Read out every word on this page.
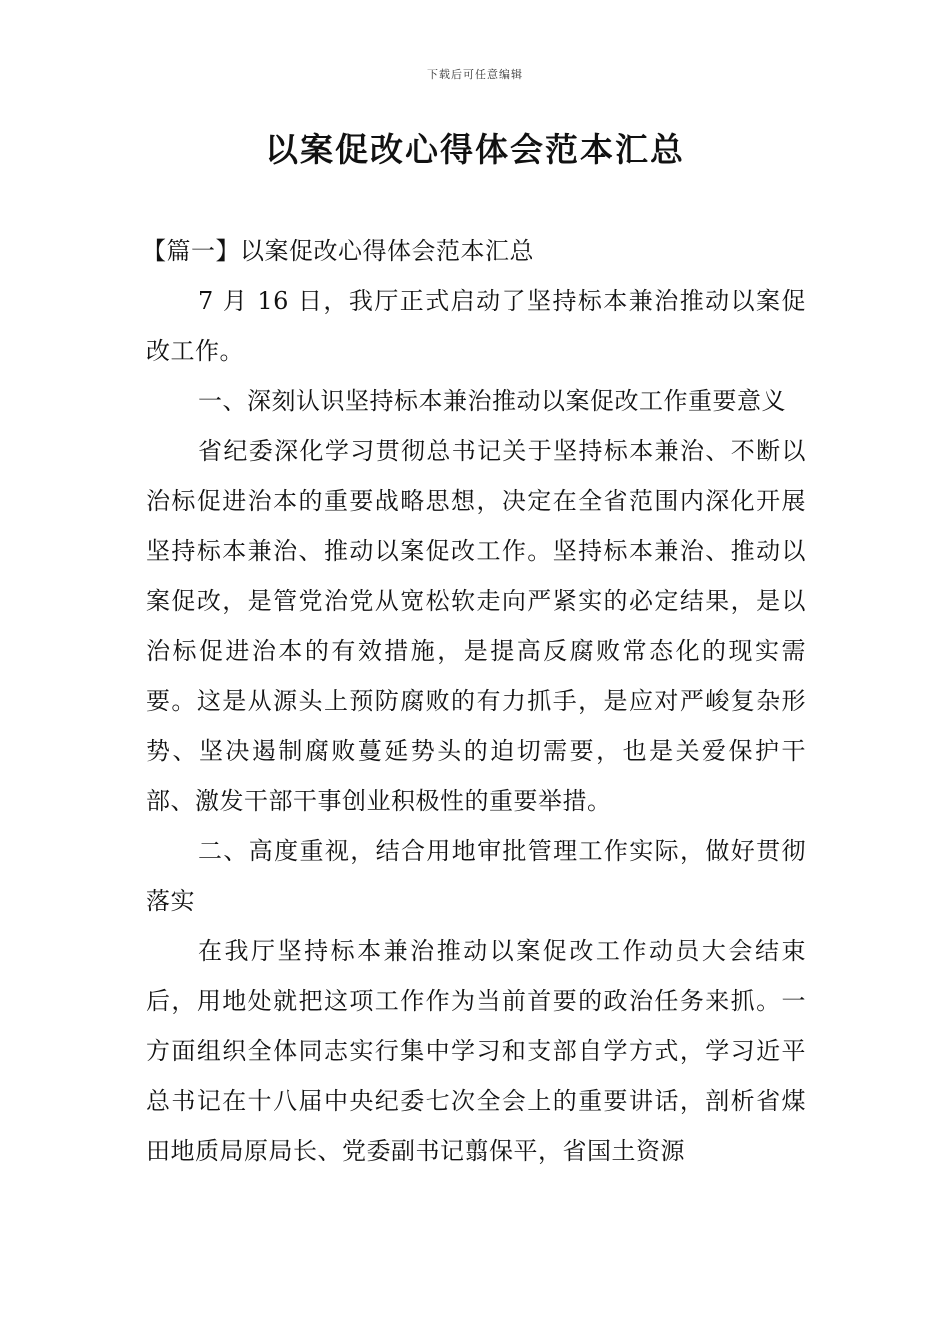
下载后可任意编辑
以案促改心得体会范本汇总

【篇一】以案促改心得体会范本汇总

7 月 16 日，我厅正式启动了坚持标本兼治推动以案促改工作。

一、深刻认识坚持标本兼治推动以案促改工作重要意义

省纪委深化学习贯彻总书记关于坚持标本兼治、不断以治标促进治本的重要战略思想，决定在全省范围内深化开展坚持标本兼治、推动以案促改工作。坚持标本兼治、推动以案促改，是管党治党从宽松软走向严紧实的必定结果，是以治标促进治本的有效措施，是提高反腐败常态化的现实需要。这是从源头上预防腐败的有力抓手，是应对严峻复杂形势、坚决遏制腐败蔓延势头的迫切需要，也是关爱保护干部、激发干部干事创业积极性的重要举措。

二、高度重视，结合用地审批管理工作实际，做好贯彻落实

在我厅坚持标本兼治推动以案促改工作动员大会结束后，用地处就把这项工作作为当前首要的政治任务来抓。一方面组织全体同志实行集中学习和支部自学方式，学习近平总书记在十八届中央纪委七次全会上的重要讲话，剖析省煤田地质局原局长、党委副书记翦保平，省国土资源
